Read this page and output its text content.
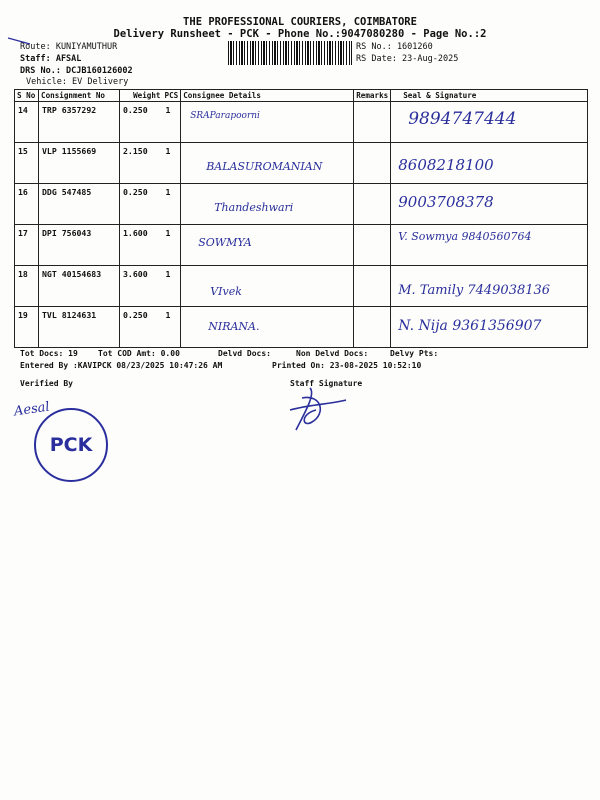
THE PROFESSIONAL COURIERS, COIMBATORE
Delivery Runsheet - PCK - Phone No.:9047080280 - Page No.:2
Route: KUNIYAMUTHUR
Staff: AFSAL
DRS No.: DCJB160126002
Vehicle: EV Delivery
RS No.: 1601260
RS Date: 23-Aug-2025
S No	Consignment No	Weight	PCS	Consignee Details	Remarks	Seal & Signature
14	TRP 6357292	0.250	1	SRAParapoorni		9894747444

15	VLP 1155669	2.150	1	BALASUROMANIAN		8608218100

16	DDG 547485	0.250	1	Thandeshwari		9003708378

17	DPI 756043	1.600	1	SOWMYA		V. Sowmya 9840560764

18	NGT 40154683	3.600	1	VIvek		M. Tamily 7449038136

19	TVL 8124631	0.250	1	NIRANA.		N. Nija 9361356907
Tot Docs: 19	Tot COD Amt: 0.00	Delvd Docs:	Non Delvd Docs:	Delvy Pts:
Entered By :KAVIPCK 08/23/2025 10:47:26 AM	Printed On: 23-08-2025 10:52:10
Verified By	Staff Signature
Aesal
PCK
